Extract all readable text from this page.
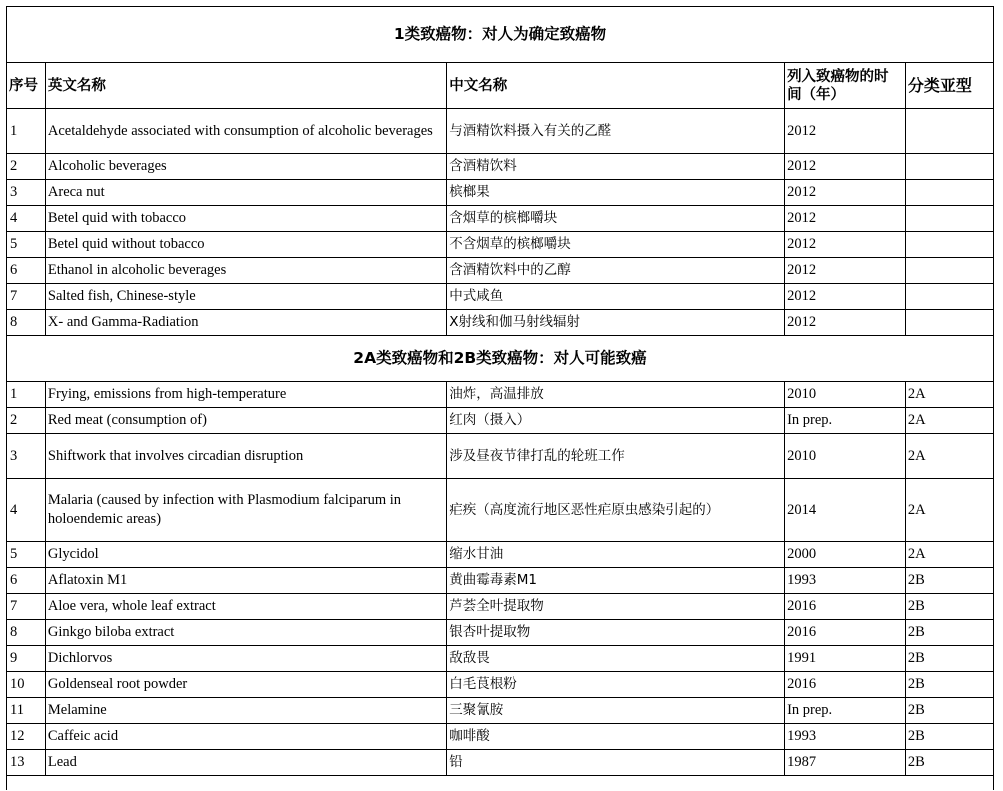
1类致癌物：对人为确定致癌物				
序号	英文名称	中文名称	列入致癌物的时间（年）	分类亚型
1	Acetaldehyde associated with consumption of alcoholic beverages	与酒精饮料摄入有关的乙醛	2012	
2	Alcoholic beverages	含酒精饮料	2012	
3	Areca nut	槟榔果	2012	
4	Betel quid with tobacco	含烟草的槟榔嚼块	2012	
5	Betel quid without tobacco	不含烟草的槟榔嚼块	2012	
6	Ethanol in alcoholic beverages	含酒精饮料中的乙醇	2012	
7	Salted fish, Chinese-style	中式咸鱼	2012	
8	X- and Gamma-Radiation	X射线和伽马射线辐射	2012	
2A类致癌物和2B类致癌物：对人可能致癌				
1	Frying, emissions from high-temperature	油炸，高温排放	2010	2A
2	Red meat (consumption of)	红肉（摄入）	In prep.	2A
3	Shiftwork that involves circadian disruption	涉及昼夜节律打乱的轮班工作	2010	2A
4	Malaria (caused by infection with Plasmodium falciparum in holoendemic areas)	疟疾（高度流行地区恶性疟原虫感染引起的）	2014	2A
5	Glycidol	缩水甘油	2000	2A
6	Aflatoxin M1	黄曲霉毒素M1	1993	2B
7	Aloe vera, whole leaf extract	芦荟全叶提取物	2016	2B
8	Ginkgo biloba extract	银杏叶提取物	2016	2B
9	Dichlorvos	敌敌畏	1991	2B
10	Goldenseal root powder	白毛茛根粉	2016	2B
11	Melamine	三聚氰胺	In prep.	2B
12	Caffeic acid	咖啡酸	1993	2B
13	Lead	铅	1987	2B
